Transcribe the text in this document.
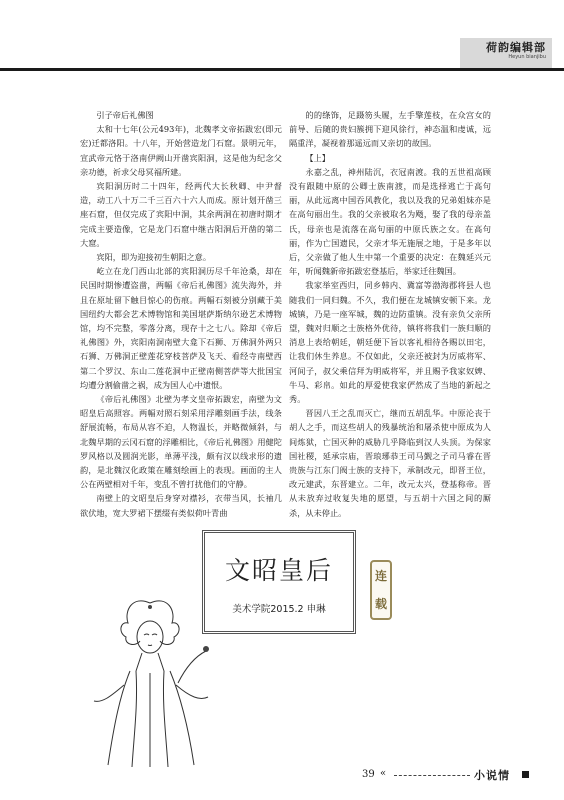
荷韵编辑部
Heyun bianjibu

引子帝后礼佛图

太和十七年(公元493年)，北魏孝文帝拓跋宏(即元宏)迁都洛阳。十八年，开始营造龙门石窟。景明元年，宣武帝元恪于洛南伊阙山开凿宾阳洞，这是他为纪念父亲功德，祈求父母冥福所建。

宾阳洞历时二十四年，经两代大长秋卿、中尹督造，动工八十万二千三百六十六人而成。原计划开凿三座石窟，但仅完成了宾阳中洞，其余两洞在初唐时期才完成主要造像，它是龙门石窟中继古阳洞后开凿的第二大窟。

宾阳，即为迎接初生朝阳之意。

屹立在龙门西山北部的宾阳洞历尽千年沧桑，却在民国时期惨遭盗凿，两幅《帝后礼佛图》流失海外，并且在原址留下触目惊心的伤痕。两幅石刻被分别藏于美国纽约大都会艺术博物馆和美国堪萨斯纳尔逊艺术博物馆，均不完整，零落分离，现存十之七八。除却《帝后礼佛图》外，宾阳南洞南壁大龛下石狮、万佛洞外两只石狮、万佛洞正壁莲花穿枝菩萨及飞天、看经寺南壁西第二个罗汉、东山二莲花洞中正壁南侧菩萨等大批国宝均遭分割偷凿之祸，成为国人心中遗恨。

《帝后礼佛图》北壁为孝文皇帝拓跋宏，南壁为文昭皇后高照容。两幅对照石刻采用浮雕刻画手法，线条舒展流畅，布局从容不迫，人物温长，并略微倾斜，与北魏早期的云冈石窟的浮雕相比，《帝后礼佛图》用健陀罗风格以及圆润光影，单薄平浅，颇有汉以线求形的遗韵，是北魏汉化政策在雕刻绘画上的表现。画面的主人公在两壁相对千年，变乱不曾打扰他们的守静。

南壁上的文昭皇后身穿对襟衫，衣带当风，长袖几欲伏地，宽大罗裙下摆缀有类似荷叶青曲

的的绦饰，足蹑笏头履，左手擎莲枝，在众宫女的前导、后随的贵妇簇拥下迎风徐行，神态温和虔诚，远隔重洋，凝视着那遥远而又亲切的故国。

【上】

永嘉之乱，神州陆沉，衣冠南渡。我的五世祖高顾没有跟随中原的公卿士族南渡，而是选择逃亡于高句丽，从此远离中国吞风教化，我以及我的兄弟姐妹亦是在高句丽出生。我的父亲被取名为飏，娶了我的母亲盖氏，母亲也是流落在高句丽的中原氏族之女。在高句丽，作为亡国遗民，父亲才华无施展之地，于是多年以后，父亲做了他人生中第一个重要的决定：在魏延兴元年，听闻魏新帝拓跋宏登基后，举家迁往魏国。

我家举室西归，同乡韩内、冀富等渤海郡将县人也随我们一同归魏。不久，我们便在龙城镇安顿下来。龙城镇，乃是一座军城，魏的边防重镇。没有亲负父亲所望，魏对归顺之士族格外优待，镇将将我们一族归顺的消息上表给朝廷，朝廷便下旨以客礼相待各赐以田宅，让我们休生养息。不仅如此，父亲还被封为厉威将军、河间子，叔父乘信拜为明威将军，并且赐予我家奴婢、牛马、彩帛。如此的厚爱使我家俨然成了当地的新起之秀。

晋因八王之乱而灭亡，继而五胡乱华。中原沦丧于胡人之手，而这些胡人的残暴统治和屠杀使中原成为人间炼狱，亡国灭种的威胁几乎降临到汉人头顶。为保家国社稷，延承宗庙，晋琅琊恭王司马觐之子司马睿在晋贵族与江东门阀士族的支持下，承制改元，即晋王位，改元建武，东晋建立。二年，改元太兴，登基称帝。晋从未放弃过收复失地的愿望，与五胡十六国之间的厮杀，从未停止。

文昭皇后
美术学院2015.2 申琳
连
载
39 «	小说情
